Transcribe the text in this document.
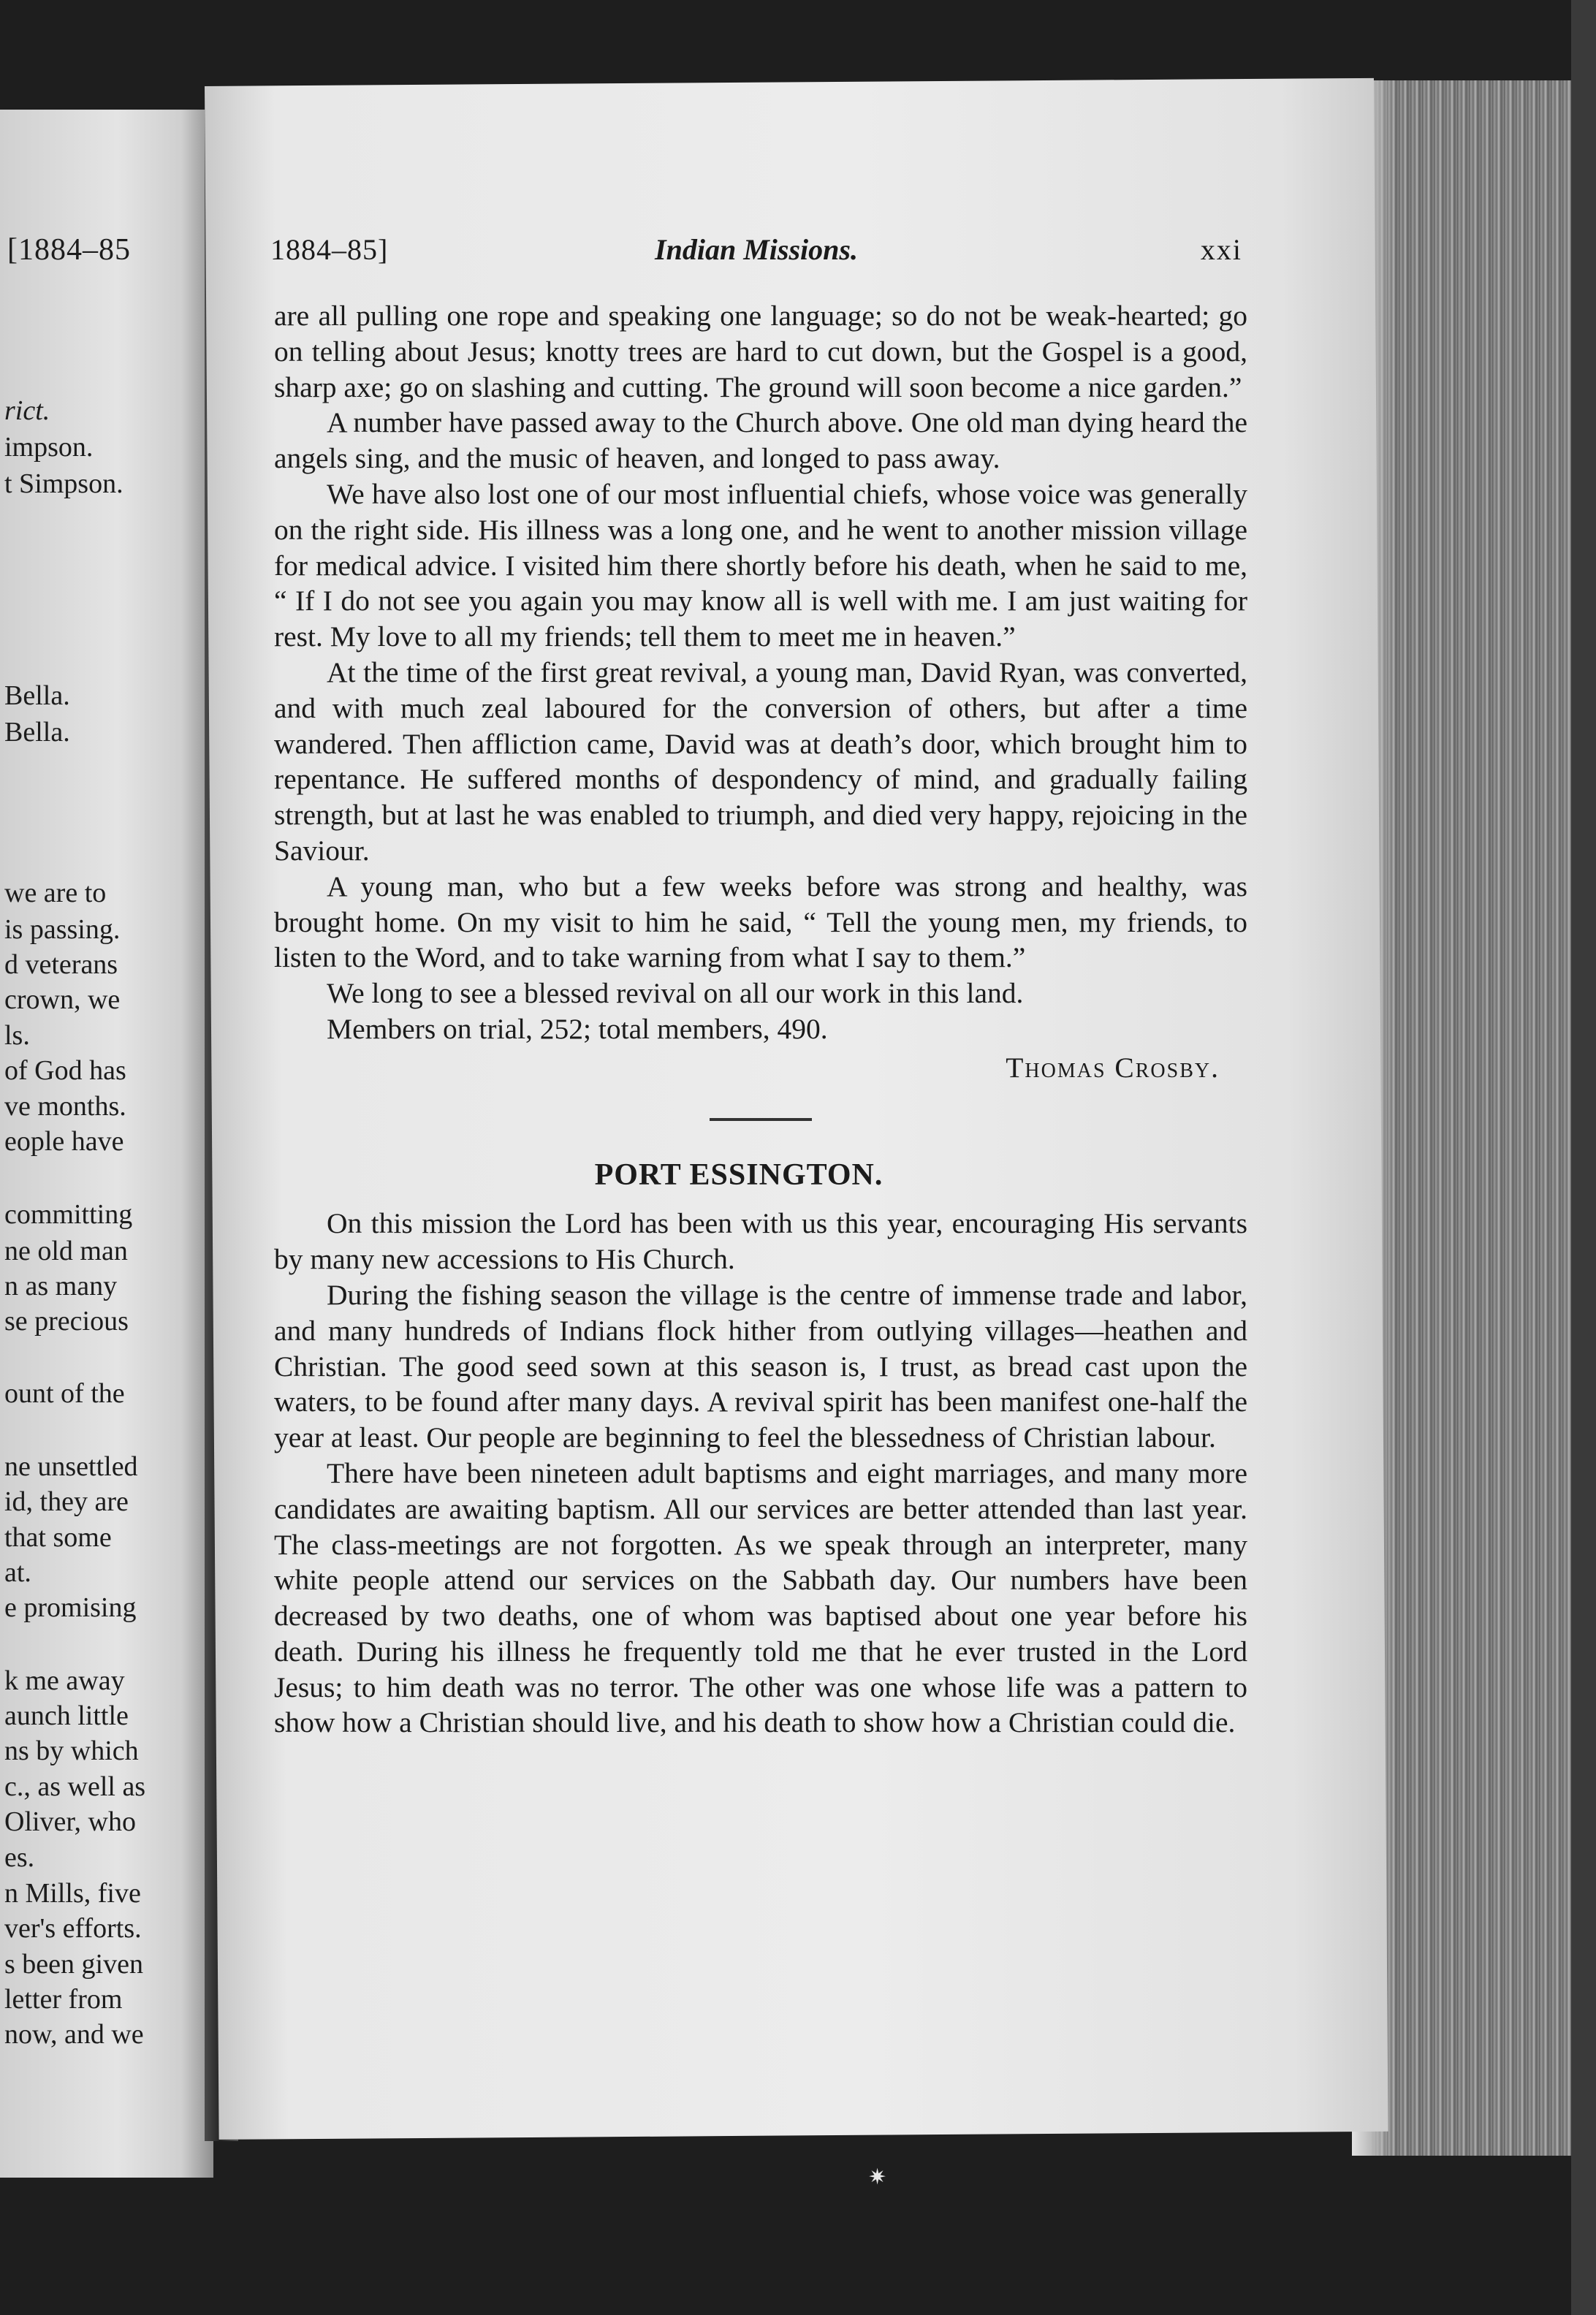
[1884–85
rict.
impson.
t Simpson.
Bella.
Bella.
we are to
is passing.
d veterans
crown, we
ls.
of God has
ve months.
eople have
committing
ne old man
n as many
se precious
ount of the
ne unsettled
id, they are
that some
at.
e promising
k me away
aunch little
ns by which
c., as well as
Oliver, who
es.
n Mills, five
ver's efforts.
s been given
letter from
now, and we
1884–85]	Indian Missions.	xxi

are all pulling one rope and speaking one language; so do not be weak-hearted; go on telling about Jesus; knotty trees are hard to cut down, but the Gospel is a good, sharp axe; go on slashing and cutting. The ground will soon become a nice garden.”

A number have passed away to the Church above. One old man dying heard the angels sing, and the music of heaven, and longed to pass away.

We have also lost one of our most influential chiefs, whose voice was generally on the right side. His illness was a long one, and he went to another mission village for medical advice. I visited him there shortly before his death, when he said to me, “ If I do not see you again you may know all is well with me. I am just waiting for rest. My love to all my friends; tell them to meet me in heaven.”

At the time of the first great revival, a young man, David Ryan, was converted, and with much zeal laboured for the conversion of others, but after a time wandered. Then affliction came, David was at death’s door, which brought him to repentance. He suffered months of despondency of mind, and gradually failing strength, but at last he was enabled to triumph, and died very happy, rejoicing in the Saviour.

A young man, who but a few weeks before was strong and healthy, was brought home. On my visit to him he said, “ Tell the young men, my friends, to listen to the Word, and to take warning from what I say to them.”

We long to see a blessed revival on all our work in this land.

Members on trial, 252; total members, 490.

Thomas Crosby.

PORT ESSINGTON.

On this mission the Lord has been with us this year, encouraging His servants by many new accessions to His Church.

During the fishing season the village is the centre of immense trade and labor, and many hundreds of Indians flock hither from outlying villages—heathen and Christian. The good seed sown at this season is, I trust, as bread cast upon the waters, to be found after many days. A revival spirit has been manifest one-half the year at least. Our people are beginning to feel the blessedness of Christian labour.

There have been nineteen adult baptisms and eight marriages, and many more candidates are awaiting baptism. All our services are better attended than last year. The class-meetings are not forgotten. As we speak through an interpreter, many white people attend our services on the Sabbath day. Our numbers have been decreased by two deaths, one of whom was baptised about one year before his death. During his illness he frequently told me that he ever trusted in the Lord Jesus; to him death was no terror. The other was one whose life was a pattern to show how a Christian should live, and his death to show how a Christian could die.

✷
